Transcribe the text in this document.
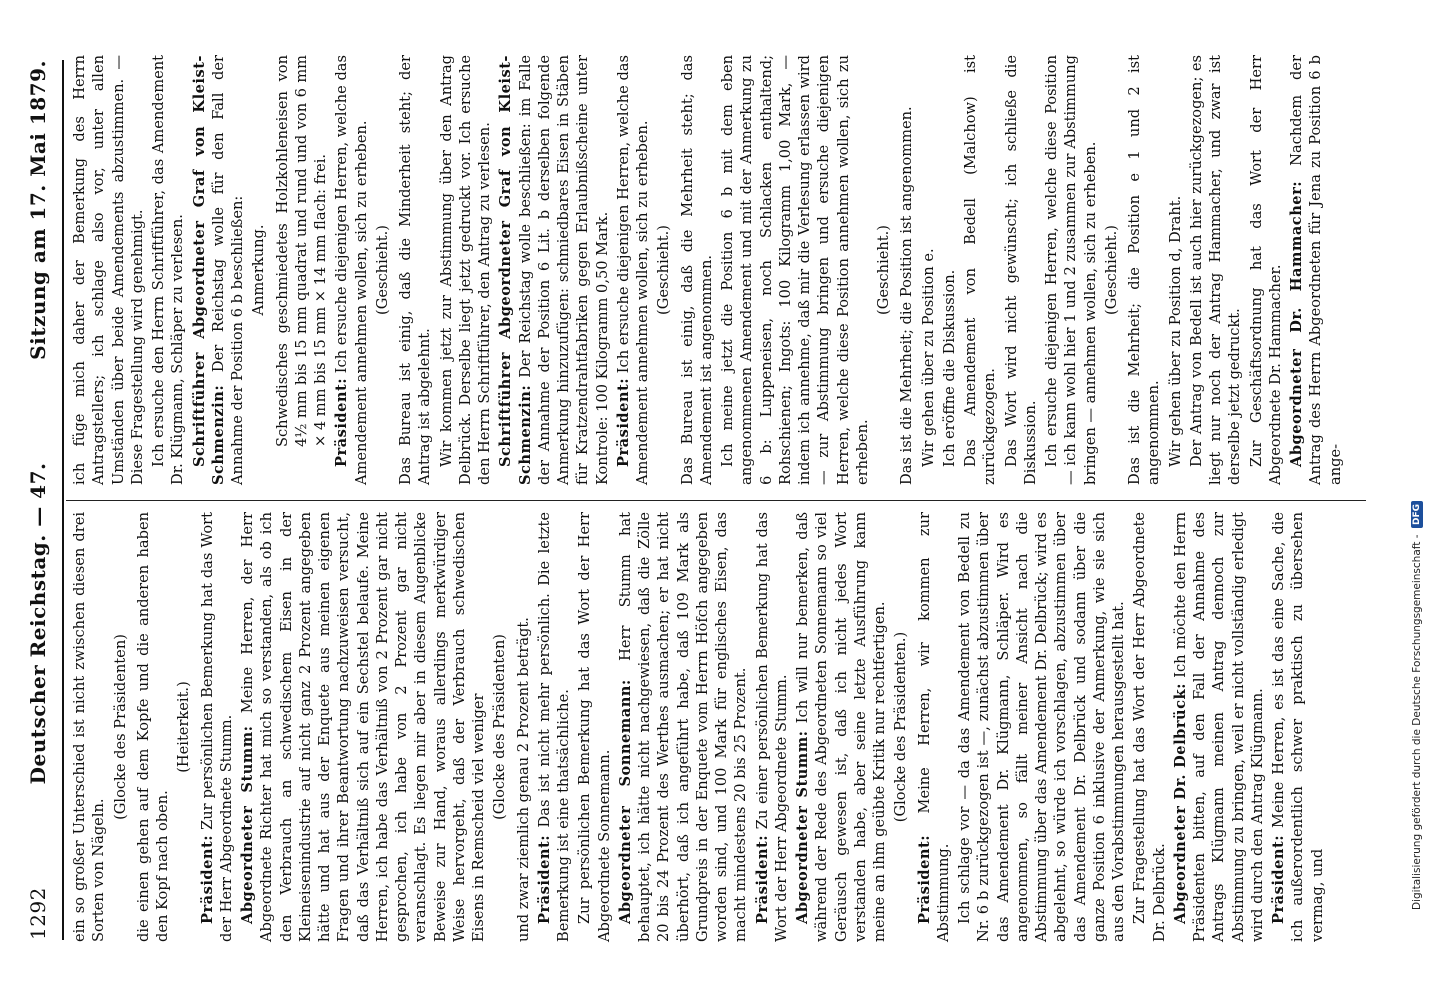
1292
Deutscher Reichstag. — 47.
Sitzung am 17. Mai 1879.

ein so großer Unterschied ist nicht zwischen diesen drei Sorten von Nägeln.

(Glocke des Präsidenten) die einen gehen auf dem Kopfe und die anderen haben den Kopf nach oben.

(Heiterkeit.)

Präsident: Zur persönlichen Bemerkung hat das Wort der Herr Abgeordnete Stumm. Abgeordneter Stumm: Meine Herren, der Herr Abgeordnete Richter hat mich so verstanden, als ob ich den Verbrauch an schwedischem Eisen in der Kleineisenindustrie auf nicht ganz 2 Prozent angegeben hätte und hat aus der Enquete aus meinen eigenen Fragen und ihrer Beantwortung nachzuweisen versucht, daß das Verhältniß sich auf ein Sechstel belaufe. Meine Herren, ich habe das Verhältniß von 2 Prozent gar nicht gesprochen, ich habe von 2 Prozent gar nicht veranschlagt. Es liegen mir aber in diesem Augenblicke Beweise zur Hand, woraus allerdings merkwürdiger Weise hervorgeht, daß der Verbrauch schwedischen Eisens in Remscheid viel weniger (Glocke des Präsidenten) und zwar ziemlich genau 2 Prozent beträgt. Präsident: Das ist nicht mehr persönlich. Die letzte Bemerkung ist eine thatsächliche. Zur persönlichen Bemerkung hat das Wort der Herr Abgeordnete Sonnemann. Abgeordneter Sonnemann: Herr Stumm hat behauptet, ich hätte nicht nachgewiesen, daß die Zölle 20 bis 24 Prozent des Werthes ausmachen; er hat nicht überhört, daß ich angeführt habe, daß 109 Mark als Grundpreis in der Enquete vom Herrn Höfch angegeben worden sind, und 100 Mark für englisches Eisen, das macht mindestens 20 bis 25 Prozent. Präsident: Zu einer persönlichen Bemerkung hat das Wort der Herr Abgeordnete Stumm. Abgeordneter Stumm: Ich will nur bemerken, daß während der Rede des Abgeordneten Sonnemann so viel Geräusch gewesen ist, daß ich nicht jedes Wort verstanden habe, aber seine letzte Ausführung kann meine an ihm geübte Kritik nur rechtfertigen. (Glocke des Präsidenten.)

Präsident: Meine Herren, wir kommen zur Abstimmung. Ich schlage vor — da das Amendement von Bedell zu Nr. 6 b zurückgezogen ist —, zunächst abzustimmen über das Amendement Dr. Klügmann, Schläper. Wird es angenommen, so fällt meiner Ansicht nach die Abstimmung über das Amendement Dr. Delbrück; wird es abgelehnt, so würde ich vorschlagen, abzustimmen über das Amendement Dr. Delbrück und sodann über die ganze Position 6 inklusive der Anmerkung, wie sie sich aus den Vorabstimmungen herausgestellt hat. Zur Fragestellung hat das Wort der Herr Abgeordnete Dr. Delbrück. Abgeordneter Dr. Delbrück: Ich möchte den Herrn Präsidenten bitten, auf den Fall der Annahme des Antrags Klügmann meinen Antrag dennoch zur Abstimmung zu bringen, weil er nicht vollständig erledigt wird durch den Antrag Klügmann. Präsident: Meine Herren, es ist das eine Sache, die ich außerordentlich schwer praktisch zu übersehen vermag, und

ich füge mich daher der Bemerkung des Herrn Antragstellers; ich schlage also vor, unter allen Umständen über beide Amendements abzustimmen. — Diese Fragestellung wird genehmigt. Ich ersuche den Herrn Schriftführer, das Amendement Dr. Klügmann, Schläper zu verlesen. Schriftführer Abgeordneter Graf von Kleist-Schmenzin: Der Reichstag wolle für den Fall der Annahme der Position 6 b beschließen: Anmerkung. Schwedisches geschmiedetes Holzkohleneisen von 4½ mm bis 15 mm quadrat und rund und von 6 mm × 4 mm bis 15 mm × 14 mm flach: frei. Präsident: Ich ersuche diejenigen Herren, welche das Amendement annehmen wollen, sich zu erheben. (Geschieht.) Das Bureau ist einig, daß die Minderheit steht; der Antrag ist abgelehnt. Wir kommen jetzt zur Abstimmung über den Antrag Delbrück. Derselbe liegt jetzt gedruckt vor. Ich ersuche den Herrn Schriftführer, den Antrag zu verlesen. Schriftführer Abgeordneter Graf von Kleist-Schmenzin: Der Reichstag wolle beschließen: im Falle der Annahme der Position 6 Lit. b derselben folgende Anmerkung hinzuzufügen: schmiedbares Eisen in Stäben für Kratzendrahtfabriken gegen Erlaubnißscheine unter Kontrole: 100 Kilogramm 0,50 Mark. Präsident: Ich ersuche diejenigen Herren, welche das Amendement annehmen wollen, sich zu erheben. (Geschieht.) Das Bureau ist einig, daß die Mehrheit steht; das Amendement ist angenommen. Ich meine jetzt die Position 6 b mit dem eben angenommenen Amendement und mit der Anmerkung zu 6 b: Luppeneisen, noch Schlacken enthaltend; Rohschienen; Ingots: 100 Kilogramm 1,00 Mark, — indem ich annehme, daß mir die Verlesung erlassen wird — zur Abstimmung bringen und ersuche diejenigen Herren, welche diese Position annehmen wollen, sich zu erheben.

(Geschieht.) Das ist die Mehrheit; die Position ist angenommen. Wir gehen über zu Position e. Ich eröffne die Diskussion. Das Amendement von Bedell (Malchow) ist zurückgezogen. Das Wort wird nicht gewünscht; ich schließe die Diskussion. Ich ersuche diejenigen Herren, welche diese Position — ich kann wohl hier 1 und 2 zusammen zur Abstimmung bringen — annehmen wollen, sich zu erheben. (Geschieht.) Das ist die Mehrheit; die Position e 1 und 2 ist angenommen. Wir gehen über zu Position d, Draht. Der Antrag von Bedell ist auch hier zurückgezogen; es liegt nur noch der Antrag Hammacher, und zwar ist derselbe jetzt gedruckt. Zur Geschäftsordnung hat das Wort der Herr Abgeordnete Dr. Hammacher. Abgeordneter Dr. Hammacher: Nachdem der Antrag des Herrn Abgeordneten für Jena zu Position 6 b ange-

Digitalisierung gefördert durch die Deutsche Forschungsgemeinschaft -
DFG
